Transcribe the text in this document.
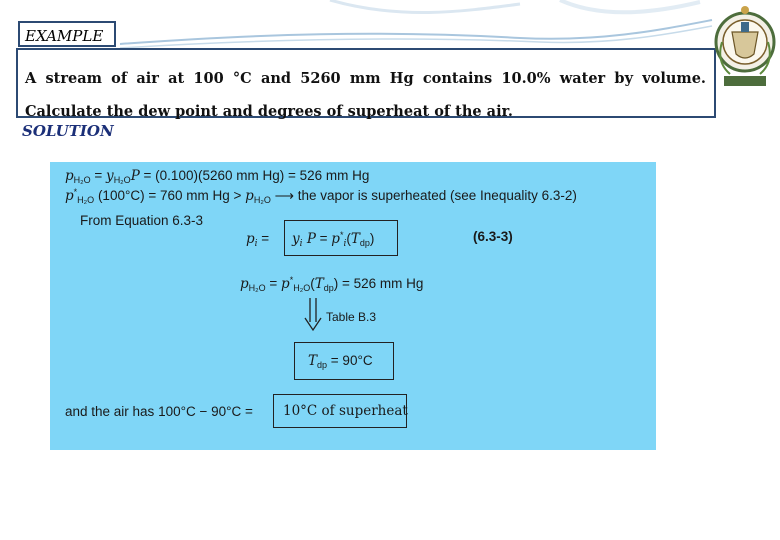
EXAMPLE
A stream of air at 100 °C and 5260 mm Hg contains 10.0% water by volume. Calculate the dew point and degrees of superheat of the air.
SOLUTION
$p_{H_2O} = y_{H_2O}P = (0.100)(5260$ mm Hg) = 526 mm Hg
$p^*_{H_2O}$ (100°C) = 760 mm $Hg > p_{H_2O}$ ⟶ the vapor is superheated (see Inequality 6.3-2)
From Equation 6.3-3
$p_i = y_i$ $P = p^*_i(T_{dp})$	(6.3-3)
$p_{H_2O} = p^*_{H_2O}(T_{dp}) = 526$ mm Hg
Table B.3
$T_{dp} = 90^\circ C$
and the air has 100°C − 90°C = 10°C of superheat
